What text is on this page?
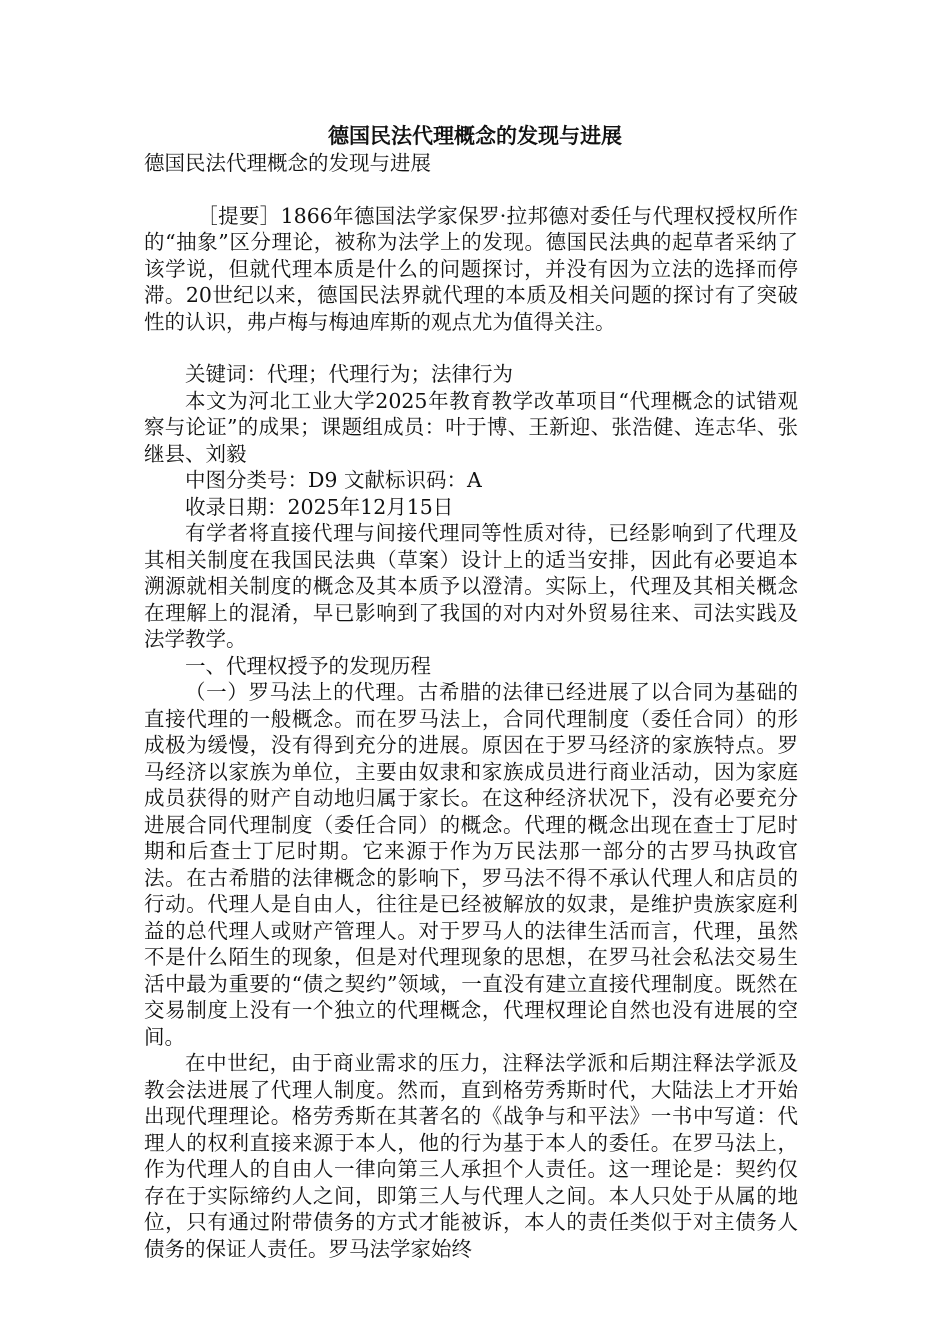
德国民法代理概念的发现与进展

德国民法代理概念的发现与进展

［提要］1866年德国法学家保罗·拉邦德对委任与代理权授权所作的“抽象”区分理论，被称为法学上的发现。德国民法典的起草者采纳了该学说，但就代理本质是什么的问题探讨，并没有因为立法的选择而停滞。20世纪以来，德国民法界就代理的本质及相关问题的探讨有了突破性的认识，弗卢梅与梅迪库斯的观点尤为值得关注。

关键词：代理；代理行为；法律行为

本文为河北工业大学2025年教育教学改革项目“代理概念的试错观察与论证”的成果；课题组成员：叶于博、王新迎、张浩健、连志华、张继县、刘毅

中图分类号：D9 文献标识码：A

收录日期：2025年12月15日

有学者将直接代理与间接代理同等性质对待，已经影响到了代理及其相关制度在我国民法典（草案）设计上的适当安排，因此有必要追本溯源就相关制度的概念及其本质予以澄清。实际上，代理及其相关概念在理解上的混淆，早已影响到了我国的对内对外贸易往来、司法实践及法学教学。

一、代理权授予的发现历程

（一）罗马法上的代理。古希腊的法律已经进展了以合同为基础的直接代理的一般概念。而在罗马法上，合同代理制度（委任合同）的形成极为缓慢，没有得到充分的进展。原因在于罗马经济的家族特点。罗马经济以家族为单位，主要由奴隶和家族成员进行商业活动，因为家庭成员获得的财产自动地归属于家长。在这种经济状况下，没有必要充分进展合同代理制度（委任合同）的概念。代理的概念出现在查士丁尼时期和后查士丁尼时期。它来源于作为万民法那一部分的古罗马执政官法。在古希腊的法律概念的影响下，罗马法不得不承认代理人和店员的行动。代理人是自由人，往往是已经被解放的奴隶，是维护贵族家庭利益的总代理人或财产管理人。对于罗马人的法律生活而言，代理，虽然不是什么陌生的现象，但是对代理现象的思想，在罗马社会私法交易生活中最为重要的“债之契约”领域，一直没有建立直接代理制度。既然在交易制度上没有一个独立的代理概念，代理权理论自然也没有进展的空间。

在中世纪，由于商业需求的压力，注释法学派和后期注释法学派及教会法进展了代理人制度。然而，直到格劳秀斯时代，大陆法上才开始出现代理理论。格劳秀斯在其著名的《战争与和平法》一书中写道：代理人的权利直接来源于本人，他的行为基于本人的委任。在罗马法上，作为代理人的自由人一律向第三人承担个人责任。这一理论是：契约仅存在于实际缔约人之间，即第三人与代理人之间。本人只处于从属的地位，只有通过附带债务的方式才能被诉，本人的责任类似于对主债务人债务的保证人责任。罗马法学家始终
